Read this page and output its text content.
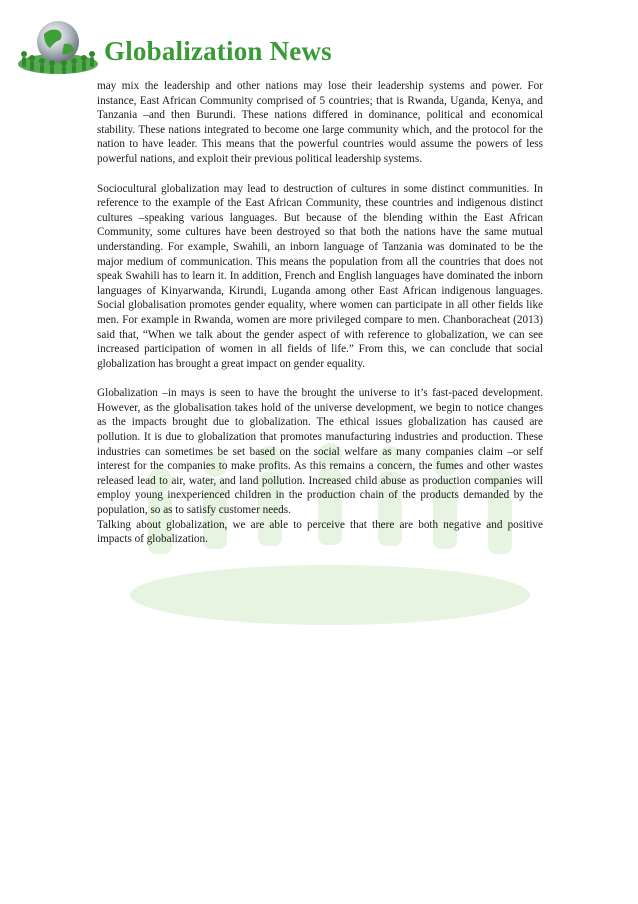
Globalization News

may mix the leadership and other nations may lose their leadership systems and power. For instance, East African Community comprised of 5 countries; that is Rwanda, Uganda, Kenya, and Tanzania –and then Burundi. These nations differed in dominance, political and economical stability. These nations integrated to become one large community which, and the protocol for the nation to have leader. This means that the powerful countries would assume the powers of less powerful nations, and exploit their previous political leadership systems.

Sociocultural globalization may lead to destruction of cultures in some distinct communities. In reference to the example of the East African Community, these countries and indigenous distinct cultures –speaking various languages. But because of the blending within the East African Community, some cultures have been destroyed so that both the nations have the same mutual understanding. For example, Swahili, an inborn language of Tanzania was dominated to be the major medium of communication. This means the population from all the countries that does not speak Swahili has to learn it. In addition, French and English languages have dominated the inborn languages of Kinyarwanda, Kirundi, Luganda among other East African indigenous languages. Social globalisation promotes gender equality, where women can participate in all other fields like men. For example in Rwanda, women are more privileged compare to men. Chanboracheat (2013) said that, “When we talk about the gender aspect of with reference to globalization, we can see increased participation of women in all fields of life.” From this, we can conclude that social globalization has brought a great impact on gender equality.

Globalization –in mays is seen to have the brought the universe to it’s fast-paced development. However, as the globalisation takes hold of the universe development, we begin to notice changes as the impacts brought due to globalization. The ethical issues globalization has caused are pollution. It is due to globalization that promotes manufacturing industries and production. These industries can sometimes be set based on the social welfare as many companies claim –or self interest for the companies to make profits. As this remains a concern, the fumes and other wastes released lead to air, water, and land pollution. Increased child abuse as production companies will employ young inexperienced children in the production chain of the products demanded by the population, so as to satisfy customer needs.

Talking about globalization, we are able to perceive that there are both negative and positive impacts of globalization.
